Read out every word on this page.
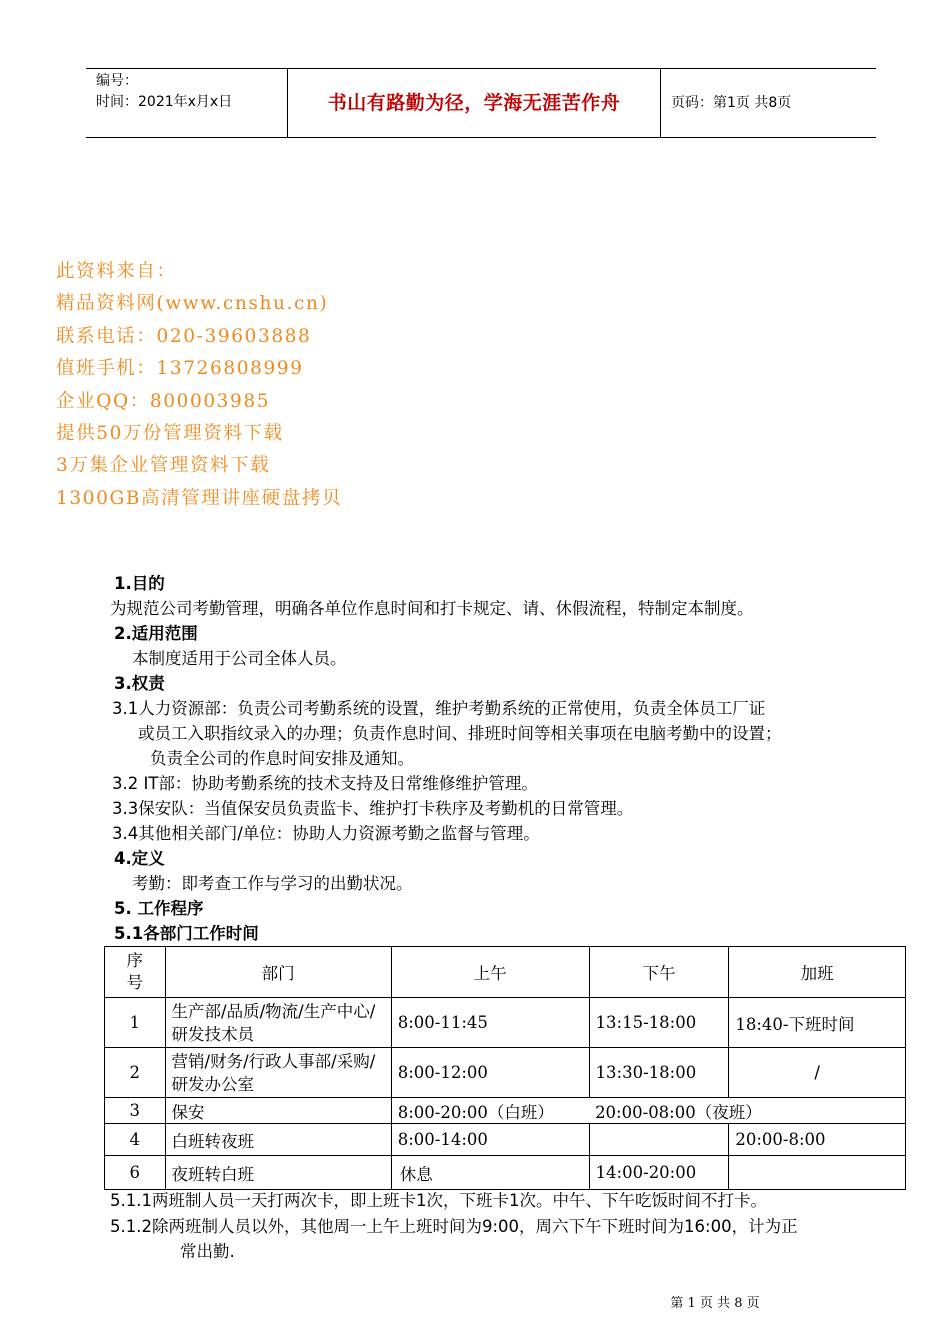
编号：
时间：2021年x月x日	书山有路勤为径，学海无涯苦作舟	页码：第1页 共8页
此资料来自：
精品资料网(www.cnshu.cn)
联系电话：020-39603888
值班手机：13726808999
企业QQ：800003985
提供50万份管理资料下载
3万集企业管理资料下载
1300GB高清管理讲座硬盘拷贝
1.目的
为规范公司考勤管理，明确各单位作息时间和打卡规定、请、休假流程，特制定本制度。
2.适用范围
本制度适用于公司全体人员。
3.权责
3.1人力资源部：负责公司考勤系统的设置，维护考勤系统的正常使用，负责全体员工厂证
或员工入职指纹录入的办理；负责作息时间、排班时间等相关事项在电脑考勤中的设置；
负责全公司的作息时间安排及通知。
3.2 IT部：协助考勤系统的技术支持及日常维修维护管理。
3.3保安队：当值保安员负责监卡、维护打卡秩序及考勤机的日常管理。
3.4其他相关部门/单位：协助人力资源考勤之监督与管理。
4.定义
考勤：即考查工作与学习的出勤状况。
5. 工作程序
5.1各部门工作时间
5.1.1两班制人员一天打两次卡，即上班卡1次，下班卡1次。中午、下午吃饭时间不打卡。
5.1.2除两班制人员以外，其他周一上午上班时间为9:00，周六下午下班时间为16:00，计为正
常出勤.
序号	部门	上午	下午	加班
1	生产部/品质/物流/生产中心/研发技术员	8:00-11:45	13:15-18:00	18:40-下班时间
2	营销/财务/行政人事部/采购/研发办公室	8:00-12:00	13:30-18:00	/
3	保安	8:00-20:00（白班）	20:00-08:00（夜班）	
4	白班转夜班	8:00-14:00		20:00-8:00
6	夜班转白班	休息	14:00-20:00	
第 1 页 共 8 页
